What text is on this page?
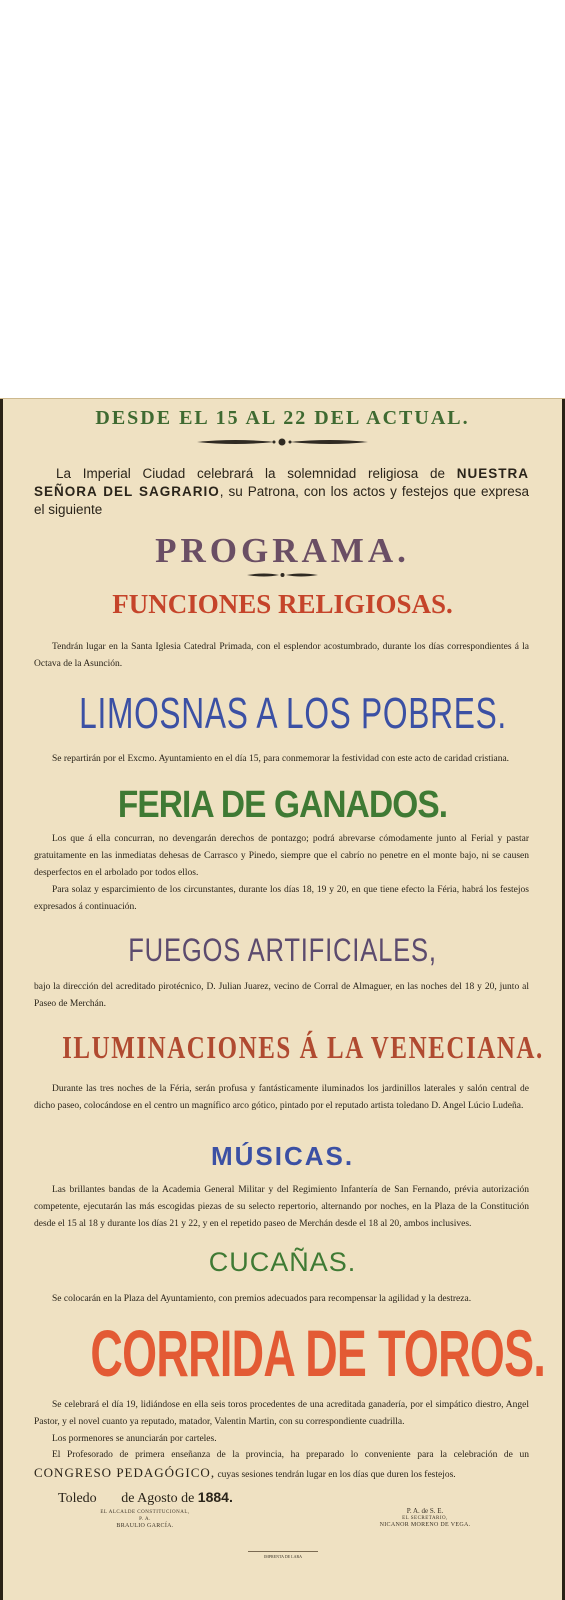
DESDE EL 15 AL 22 DEL ACTUAL.
La Imperial Ciudad celebrará la solemnidad religiosa de NUESTRA SEÑORA DEL SAGRARIO, su Patrona, con los actos y festejos que expresa el siguiente
PROGRAMA.
FUNCIONES RELIGIOSAS.
Tendrán lugar en la Santa Iglesia Catedral Primada, con el esplendor acostumbrado, durante los días correspondientes á la Octava de la Asunción.
LIMOSNAS A LOS POBRES.
Se repartirán por el Excmo. Ayuntamiento en el día 15, para conmemorar la festividad con este acto de caridad cristiana.
FERIA DE GANADOS.
Los que á ella concurran, no devengarán derechos de pontazgo; podrá abrevarse cómodamente junto al Ferial y pastar gratuitamente en las inmediatas dehesas de Carrasco y Pinedo, siempre que el cabrío no penetre en el monte bajo, ni se causen desperfectos en el arbolado por todos ellos.
Para solaz y esparcimiento de los circunstantes, durante los días 18, 19 y 20, en que tiene efecto la Féria, habrá los festejos expresados á continuación.
FUEGOS ARTIFICIALES,
bajo la dirección del acreditado pirotécnico, D. Julian Juarez, vecino de Corral de Almaguer, en las noches del 18 y 20, junto al Paseo de Merchán.
ILUMINACIONES Á LA VENECIANA.
Durante las tres noches de la Féria, serán profusa y fantásticamente iluminados los jardinillos laterales y salón central de dicho paseo, colocándose en el centro un magnífico arco gótico, pintado por el reputado artista toledano D. Angel Lúcio Ludeña.
MÚSICAS.
Las brillantes bandas de la Academia General Militar y del Regimiento Infantería de San Fernando, prévia autorización competente, ejecutarán las más escogidas piezas de su selecto repertorio, alternando por noches, en la Plaza de la Constitución desde el 15 al 18 y durante los días 21 y 22, y en el repetido paseo de Merchán desde el 18 al 20, ambos inclusives.
CUCAÑAS.
Se colocarán en la Plaza del Ayuntamiento, con premios adecuados para recompensar la agilidad y la destreza.
CORRIDA DE TOROS.
Se celebrará el día 19, lidiándose en ella seis toros procedentes de una acreditada ganadería, por el simpático diestro, Angel Pastor, y el novel cuanto ya reputado, matador, Valentin Martin, con su correspondiente cuadrilla.
Los pormenores se anunciarán por carteles.
El Profesorado de primera enseñanza de la provincia, ha preparado lo conveniente para la celebración de un CONGRESO PEDAGÓGICO, cuyas sesiones tendrán lugar en los días que duren los festejos.
Toledo de Agosto de 1884.
EL ALCALDE CONSTITUCIONAL,
P. A.
BRAULIO GARCÍA.
P. A. de S. E.
EL SECRETARIO,
NICANOR MORENO DE VEGA.
IMPRENTA DE LARA
